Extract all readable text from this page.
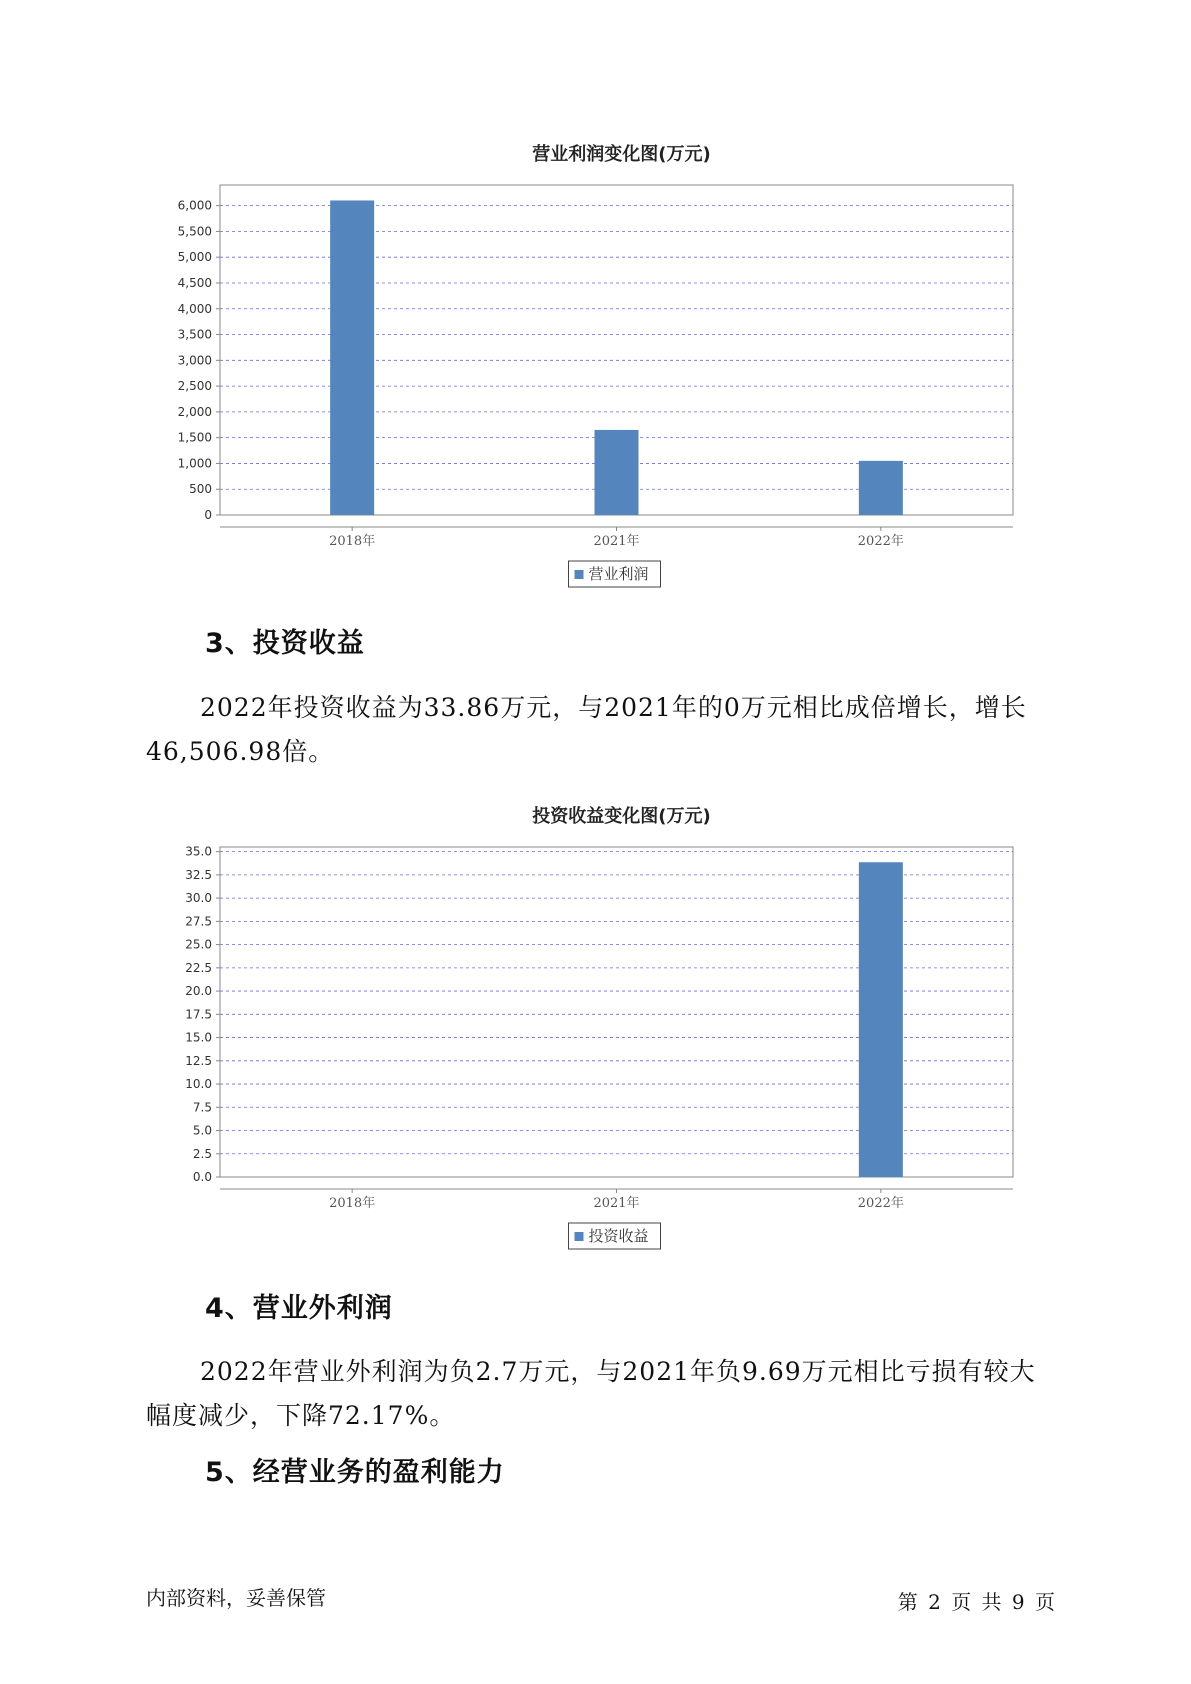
营业利润变化图(万元)
0
500
1,000
1,500
2,000
2,500
3,000
3,500
4,000
4,500
5,000
5,500
6,000
2018年	2021年	2022年
营业利润
3、投资收益

2022年投资收益为33.86万元，与2021年的0万元相比成倍增长，增长46,506.98倍。

投资收益变化图(万元)
0.0
2.5
5.0
7.5
10.0
12.5
15.0
17.5
20.0
22.5
25.0
27.5
30.0
32.5
35.0
2018年	2021年	2022年
投资收益
4、营业外利润

2022年营业外利润为负2.7万元，与2021年负9.69万元相比亏损有较大幅度减少，下降72.17%。

5、经营业务的盈利能力
内部资料，妥善保管	第 2 页 共 9 页
